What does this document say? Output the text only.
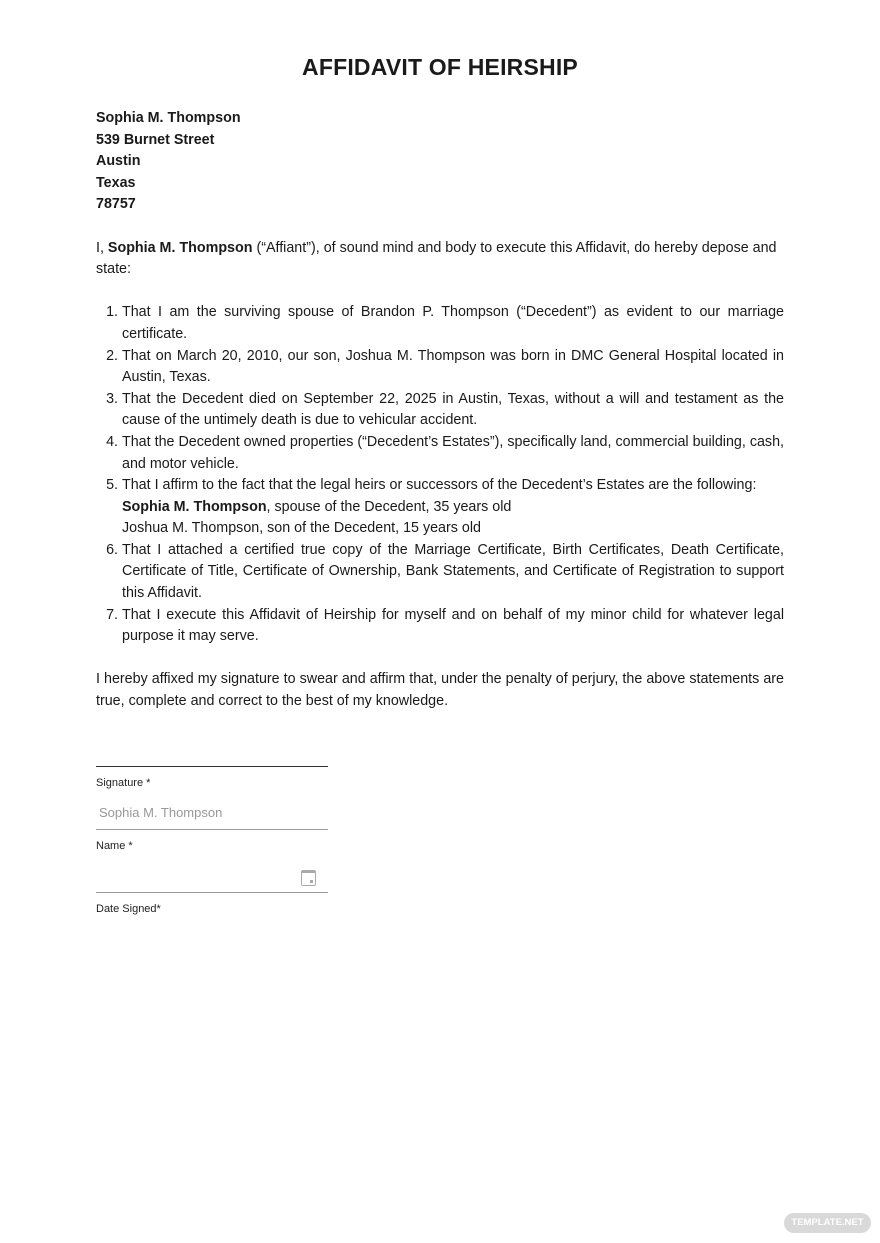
AFFIDAVIT OF HEIRSHIP
Sophia M. Thompson
539 Burnet Street
Austin
Texas
78757

I, Sophia M. Thompson (“Affiant”), of sound mind and body to execute this Affidavit, do hereby depose and state:

1. That I am the surviving spouse of Brandon P. Thompson (“Decedent”) as evident to our marriage certificate.
2. That on March 20, 2010, our son, Joshua M. Thompson was born in DMC General Hospital located in Austin, Texas.
3. That the Decedent died on September 22, 2025 in Austin, Texas, without a will and testament as the cause of the untimely death is due to vehicular accident.
4. That the Decedent owned properties (“Decedent’s Estates”), specifically land, commercial building, cash, and motor vehicle.
5. That I affirm to the fact that the legal heirs or successors of the Decedent’s Estates are the following:
Sophia M. Thompson, spouse of the Decedent, 35 years old
Joshua M. Thompson, son of the Decedent, 15 years old
6. That I attached a certified true copy of the Marriage Certificate, Birth Certificates, Death Certificate, Certificate of Title, Certificate of Ownership, Bank Statements, and Certificate of Registration to support this Affidavit.
7. That I execute this Affidavit of Heirship for myself and on behalf of my minor child for whatever legal purpose it may serve.

I hereby affixed my signature to swear and affirm that, under the penalty of perjury, the above statements are true, complete and correct to the best of my knowledge.

Signature *
Sophia M. Thompson
Name *
Date Signed*
TEMPLATE.NET
